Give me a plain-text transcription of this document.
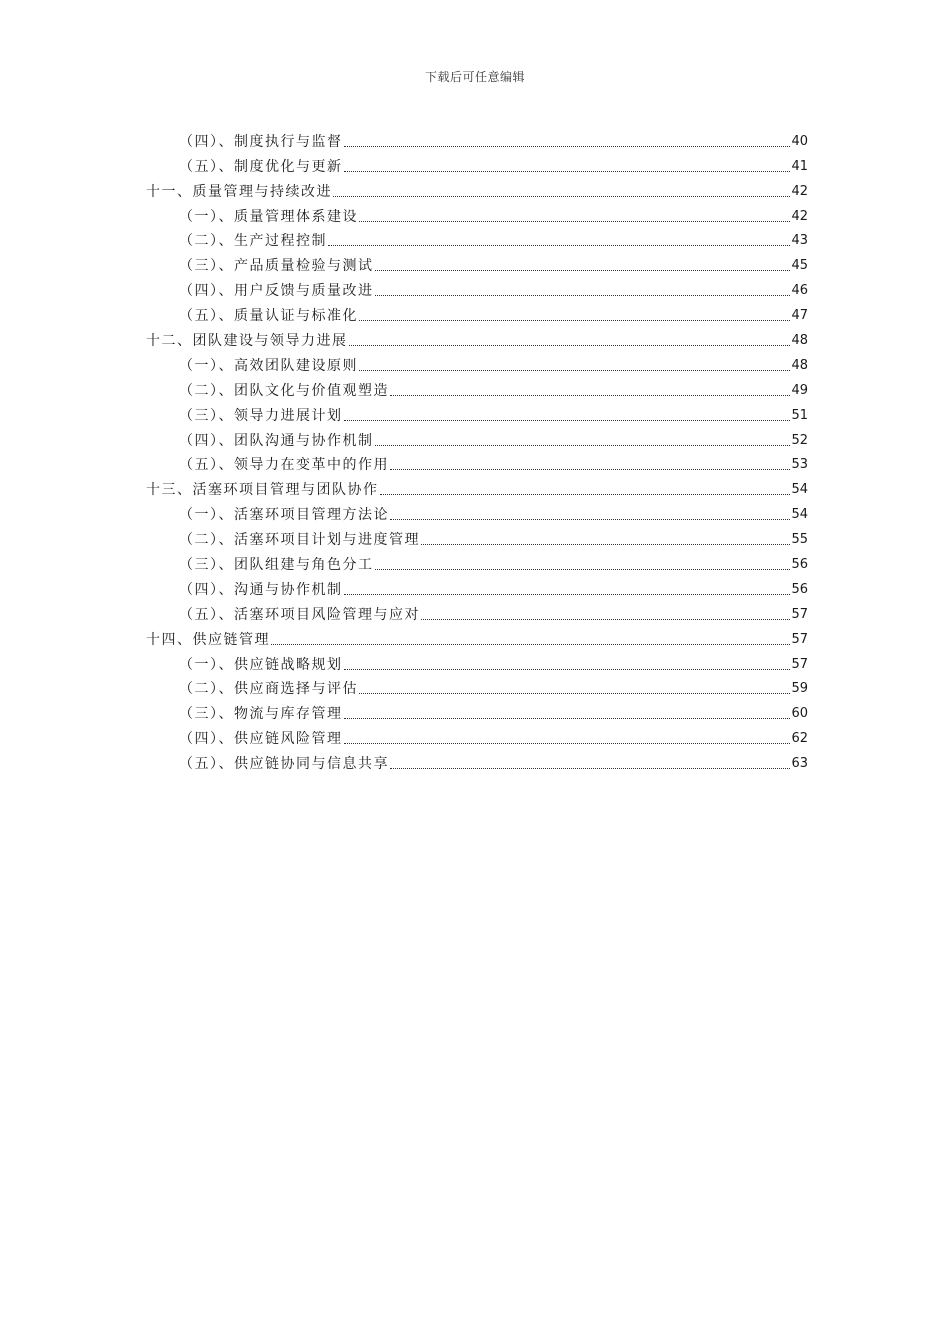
下载后可任意编辑
（四）、制度执行与监督	40
（五）、制度优化与更新	41
十一、质量管理与持续改进	42
（一）、质量管理体系建设	42
（二）、生产过程控制	43
（三）、产品质量检验与测试	45
（四）、用户反馈与质量改进	46
（五）、质量认证与标准化	47
十二、团队建设与领导力进展	48
（一）、高效团队建设原则	48
（二）、团队文化与价值观塑造	49
（三）、领导力进展计划	51
（四）、团队沟通与协作机制	52
（五）、领导力在变革中的作用	53
十三、活塞环项目管理与团队协作	54
（一）、活塞环项目管理方法论	54
（二）、活塞环项目计划与进度管理	55
（三）、团队组建与角色分工	56
（四）、沟通与协作机制	56
（五）、活塞环项目风险管理与应对	57
十四、供应链管理	57
（一）、供应链战略规划	57
（二）、供应商选择与评估	59
（三）、物流与库存管理	60
（四）、供应链风险管理	62
（五）、供应链协同与信息共享	63
